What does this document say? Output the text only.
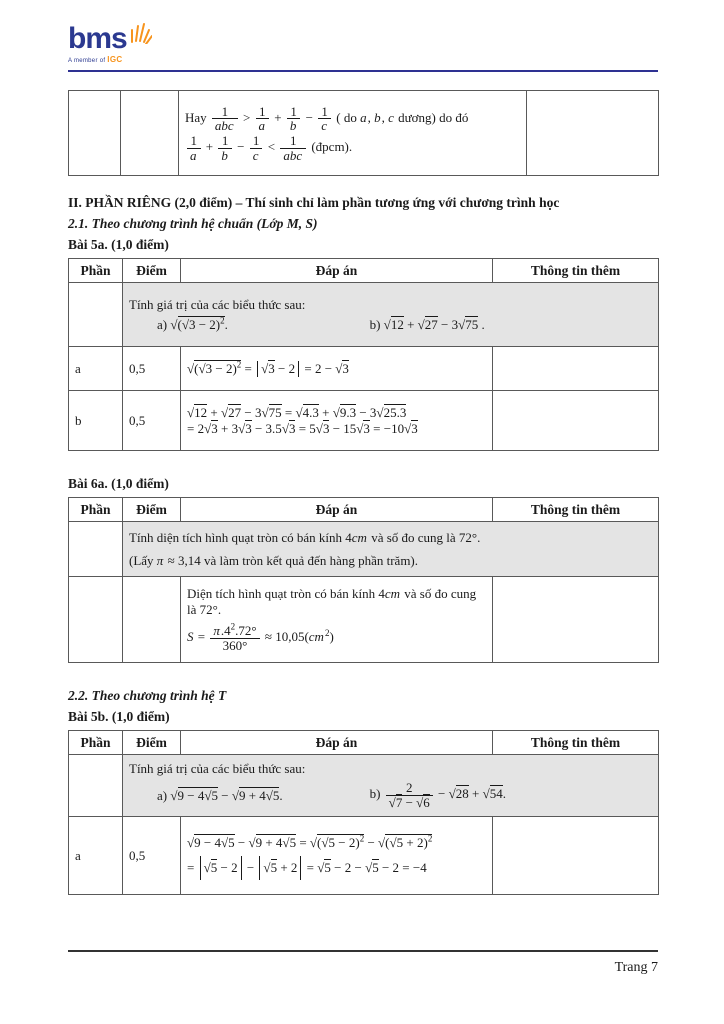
bms
A member of IGC

Hay $\frac{1}{\text{abc}} > \frac{1}{a} + \frac{1}{b} - \frac{1}{c}$ ( do a, b, c dương) do đó
$\frac{1}{a} + \frac{1}{b} - \frac{1}{c} < \frac{1}{\text{abc}}$ (đpcm).

II. PHẦN RIÊNG (2,0 điểm) – Thí sinh chỉ làm phần tương ứng với chương trình học

2.1. Theo chương trình hệ chuẩn (Lớp M, S)

Bài 5a. (1,0 điểm)

Phần	Điểm	Đáp án	Thông tin thêm

	Tính giá trị của các biểu thức sau:
a) $√(√3 - 2)^2$. b) √12 + √27 − 3√75 .		

a	0,5	$√(√3 - 2)^2 = √3 - 2 = 2 - √3$	
b	0,5	√12 + √27 − 3√75 = √4.3 + √9.3 − 3√25.3
= 2√3 + 3√3 − 3.5√3 = 5√3 − 15√3 = −10√3	

Bài 6a. (1,0 điểm)

Phần	Điểm	Đáp án	Thông tin thêm

	Tính diện tích hình quạt tròn có bán kính 4cm và số đo cung là 72°.
(Lấy π ≈ 3,14 và làm tròn kết quả đến hàng phần trăm).		

		Diện tích hình quạt tròn có bán kính 4cm và số đo cung là 72°.
$S = \frac{\pi.4^2.72^\circ}{360^\circ} \approx 10,05(cm^2)$	

2.2. Theo chương trình hệ T

Bài 5b. (1,0 điểm)

Phần	Điểm	Đáp án	Thông tin thêm

Tính giá trị của các biểu thức sau:
a) √9 − 4√5 − √9 + 4√5.	$b) \frac{2}{√7 - √6} - √28 + √54$.

a	0,5	$√9 - 4√5 - √9 + 4√5 = √(√5 - 2)^2 - √(√5 + 2)^2$
= √5 − 2 − √5 + 2 = √5 − 2 − √5 − 2 = −4	
Trang 7
